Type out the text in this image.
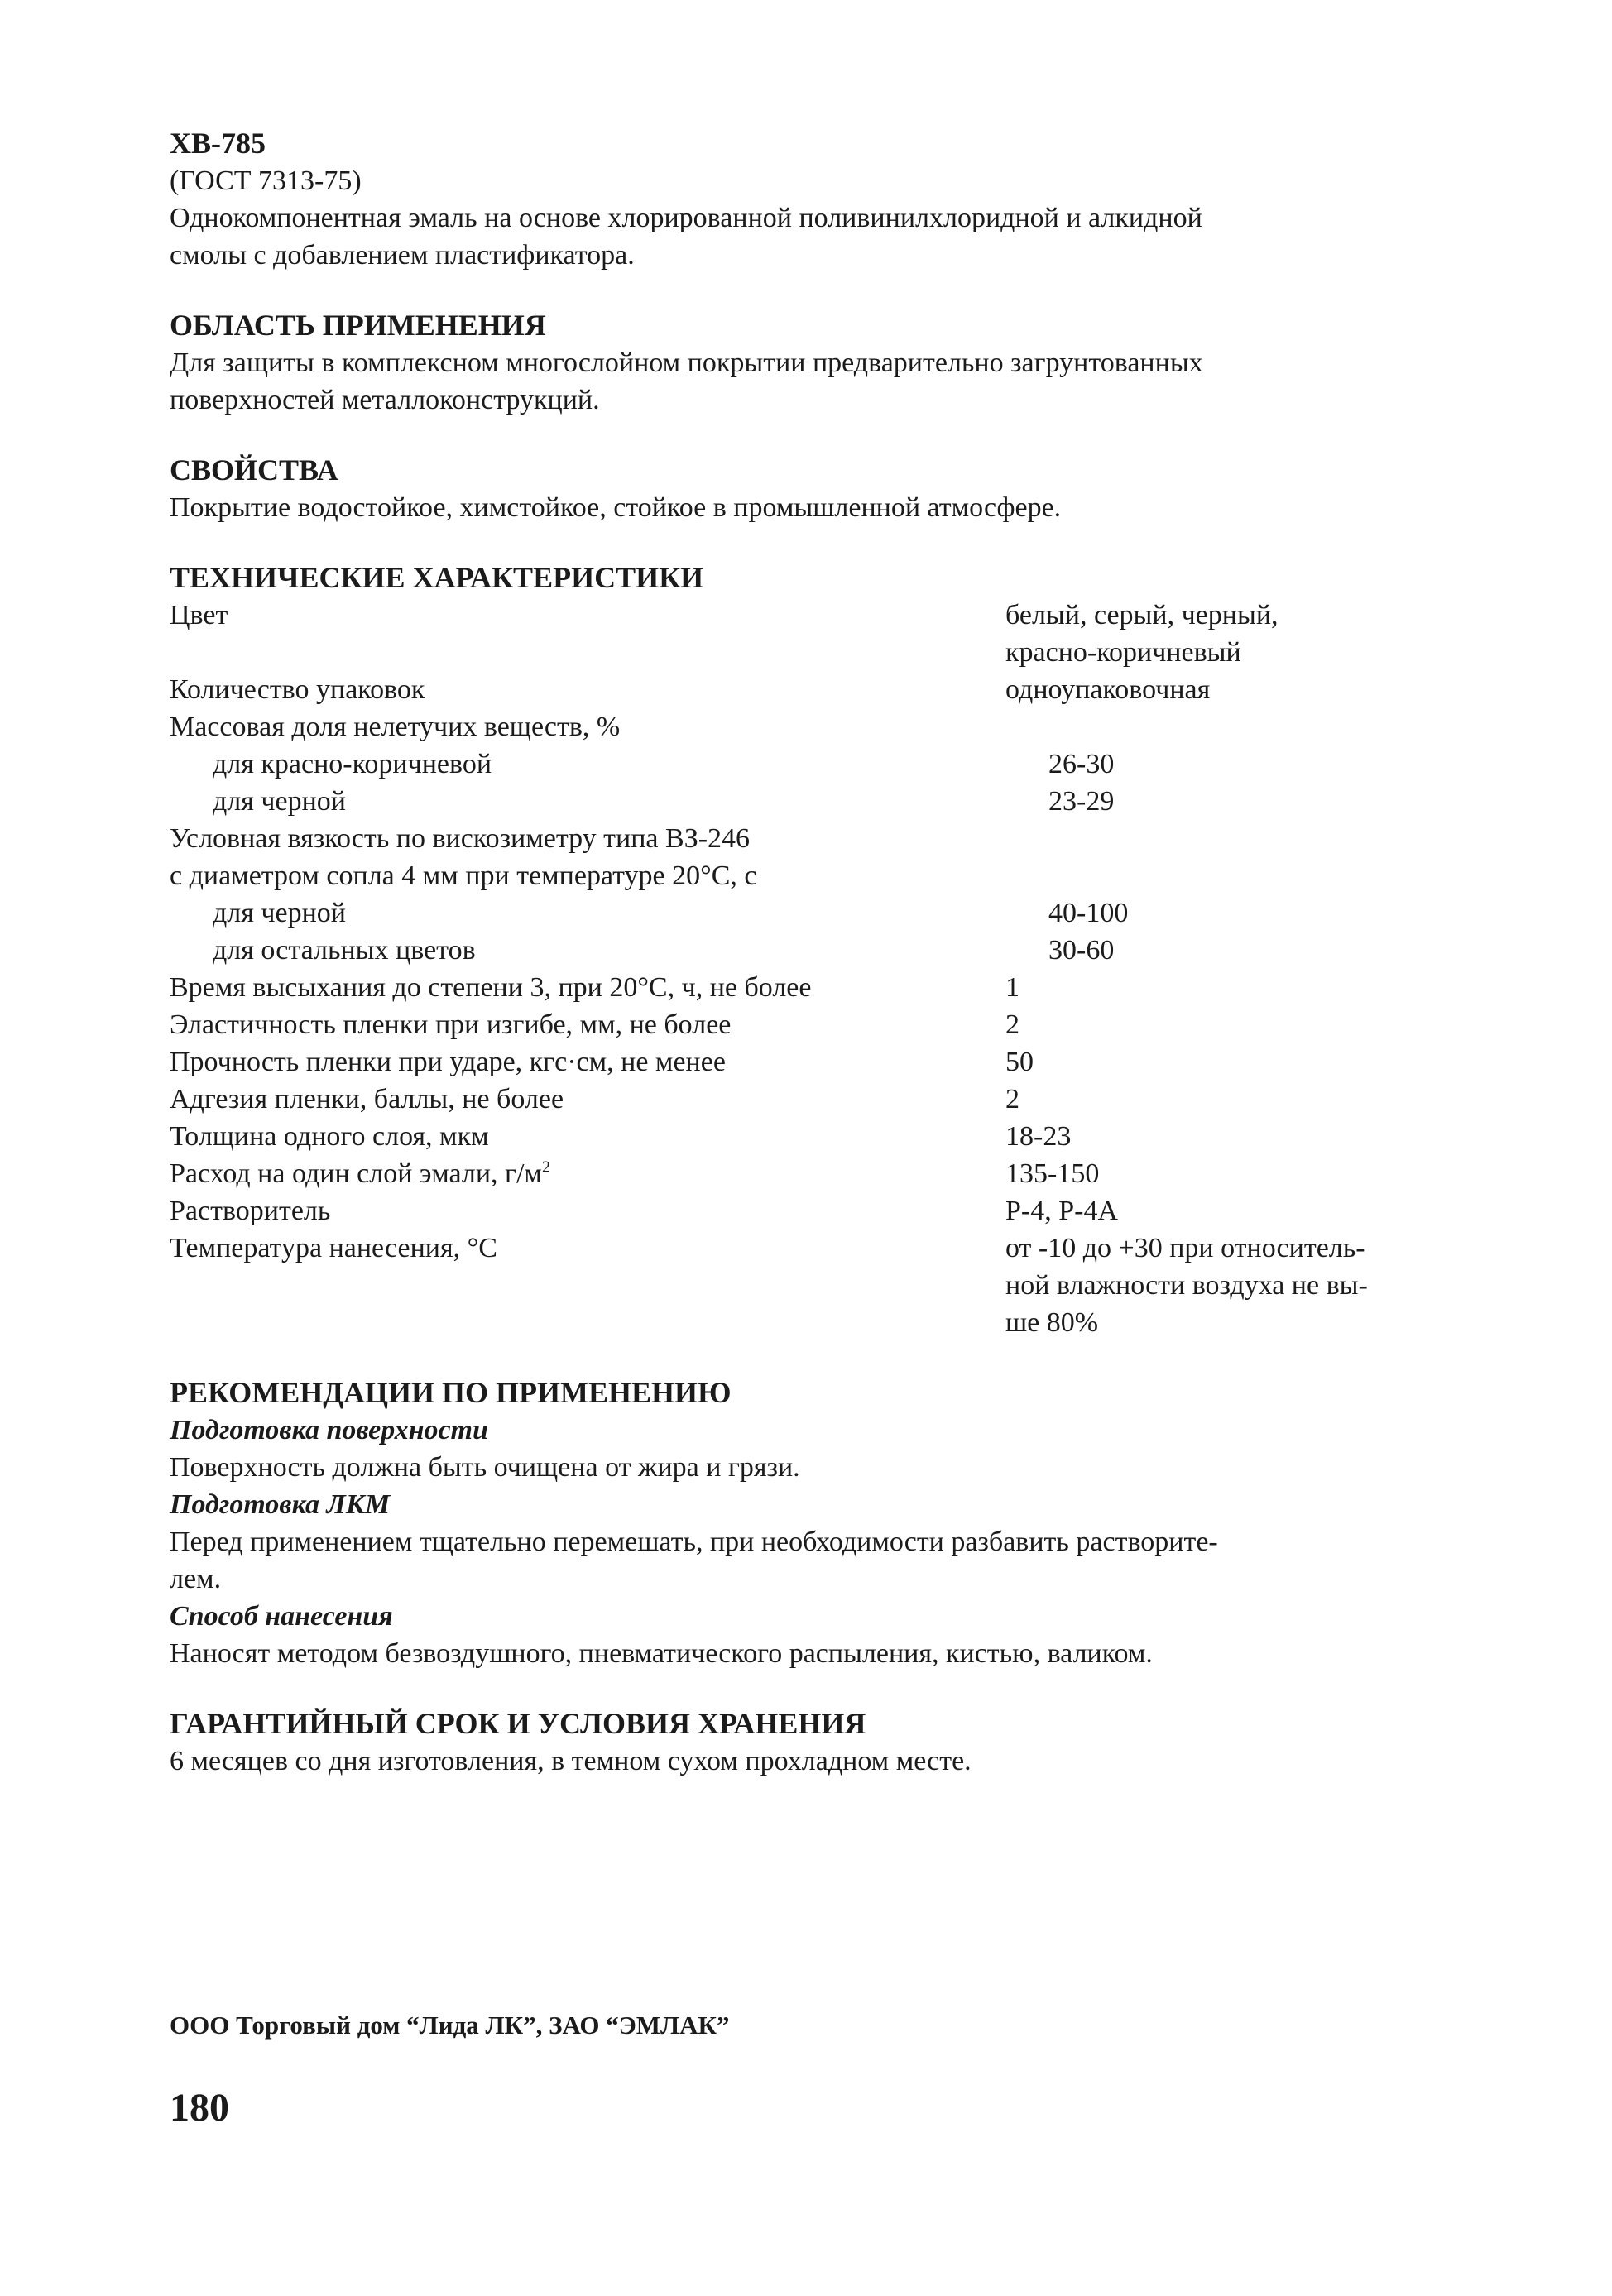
ХВ-785
(ГОСТ 7313-75)
Однокомпонентная эмаль на основе хлорированной поливинилхлоридной и алкидной
смолы с добавлением пластификатора.
ОБЛАСТЬ ПРИМЕНЕНИЯ
Для защиты в комплексном многослойном покрытии предварительно загрунтованных
поверхностей металлоконструкций.
СВОЙСТВА
Покрытие водостойкое, химстойкое, стойкое в промышленной атмосфере.
ТЕХНИЧЕСКИЕ ХАРАКТЕРИСТИКИ
Цвет	белый, серый, черный,
красно-коричневый
Количество упаковок	одноупаковочная
Массовая доля нелетучих веществ, %
для красно-коричневой	26-30
для черной	23-29
Условная вязкость по вискозиметру типа ВЗ-246
с диаметром сопла 4 мм при температуре 20°С, с
для черной	40-100
для остальных цветов	30-60
Время высыхания до степени 3, при 20°С, ч, не более	1
Эластичность пленки при изгибе, мм, не более	2
Прочность пленки при ударе, кгс·см, не менее	50
Адгезия пленки, баллы, не более	2
Толщина одного слоя, мкм	18-23
Расход на один слой эмали, $г/м^2$	135-150
Растворитель	Р-4, Р-4А
Температура нанесения, °С	от -10 до +30 при относитель-
ной влажности воздуха не вы-
ше 80%
РЕКОМЕНДАЦИИ ПО ПРИМЕНЕНИЮ
Подготовка поверхности
Поверхность должна быть очищена от жира и грязи.
Подготовка ЛКМ
Перед применением тщательно перемешать, при необходимости разбавить растворите-
лем.
Способ нанесения
Наносят методом безвоздушного, пневматического распыления, кистью, валиком.
ГАРАНТИЙНЫЙ СРОК И УСЛОВИЯ ХРАНЕНИЯ
6 месяцев со дня изготовления, в темном сухом прохладном месте.
ООО Торговый дом “Лида ЛК”, ЗАО “ЭМЛАК”
180
